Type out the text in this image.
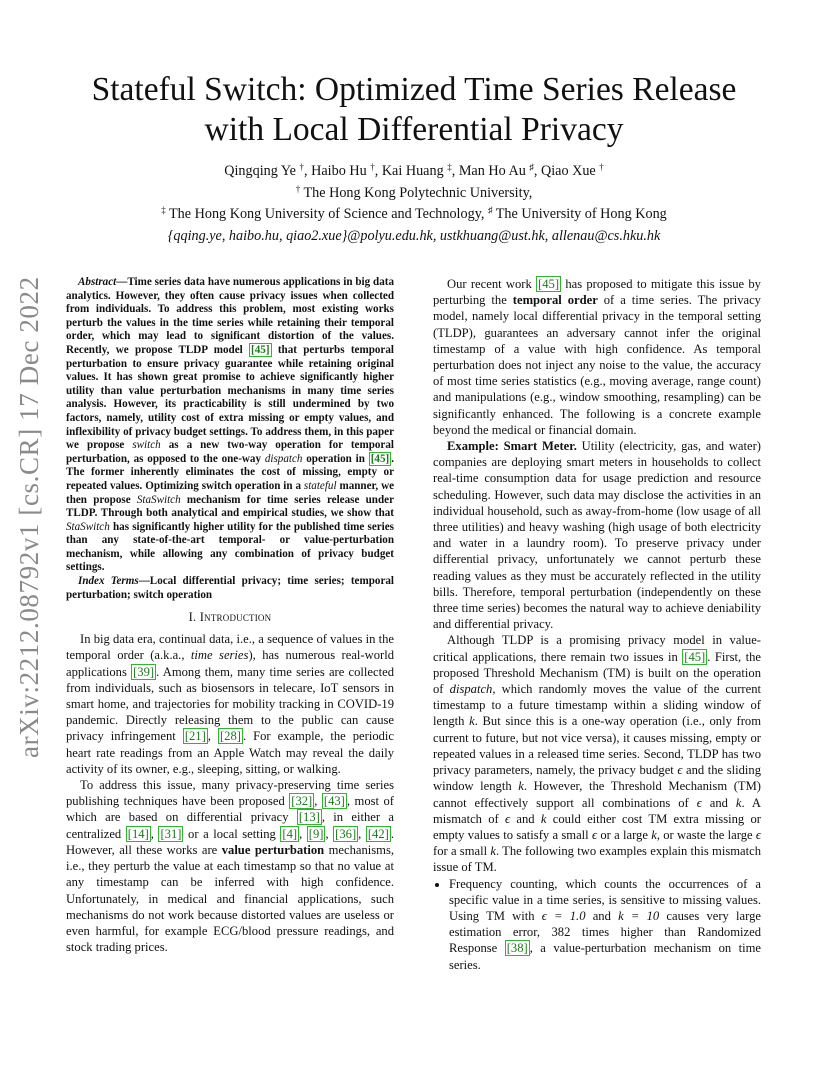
arXiv:2212.08792v1 [cs.CR] 17 Dec 2022
Stateful Switch: Optimized Time Series Release
with Local Differential Privacy
Qingqing Ye †, Haibo Hu †, Kai Huang ‡, Man Ho Au ♯, Qiao Xue †
† The Hong Kong Polytechnic University,
‡ The Hong Kong University of Science and Technology, ♯ The University of Hong Kong
{qqing.ye, haibo.hu, qiao2.xue}@polyu.edu.hk, ustkhuang@ust.hk, allenau@cs.hku.hk

Abstract—Time series data have numerous applications in big data analytics. However, they often cause privacy issues when collected from individuals. To address this problem, most existing works perturb the values in the time series while retaining their temporal order, which may lead to significant distortion of the values. Recently, we propose TLDP model [45] that perturbs temporal perturbation to ensure privacy guarantee while retaining original values. It has shown great promise to achieve significantly higher utility than value perturbation mechanisms in many time series analysis. However, its practicability is still undermined by two factors, namely, utility cost of extra missing or empty values, and inflexibility of privacy budget settings. To address them, in this paper we propose switch as a new two-way operation for temporal perturbation, as opposed to the one-way dispatch operation in [45] . The former inherently eliminates the cost of missing, empty or repeated values. Optimizing switch operation in a stateful manner, we then propose StaSwitch mechanism for time series release under TLDP. Through both analytical and empirical studies, we show that StaSwitch has significantly higher utility for the published time series than any state-of-the-art temporal- or value-perturbation mechanism, while allowing any combination of privacy budget settings.

Index Terms—Local differential privacy; time series; temporal perturbation; switch operation

I. Introduction

In big data era, continual data, i.e., a sequence of values in the temporal order (a.k.a., time series), has numerous real-world applications [39] . Among them, many time series are collected from individuals, such as biosensors in telecare, IoT sensors in smart home, and trajectories for mobility tracking in COVID-19 pandemic. Directly releasing them to the public can cause privacy infringement [21] , [28] . For example, the periodic heart rate readings from an Apple Watch may reveal the daily activity of its owner, e.g., sleeping, sitting, or walking.

To address this issue, many privacy-preserving time series publishing techniques have been proposed [32] , [43] , most of which are based on differential privacy [13] , in either a centralized [14] , [31] or a local setting [4] , [9] , [36] , [42] . However, all these works are value perturbation mechanisms, i.e., they perturb the value at each timestamp so that no value at any timestamp can be inferred with high confidence. Unfortunately, in medical and financial applications, such mechanisms do not work because distorted values are useless or even harmful, for example ECG/blood pressure readings, and stock trading prices.

Our recent work [45] has proposed to mitigate this issue by perturbing the temporal order of a time series. The privacy model, namely local differential privacy in the temporal setting (TLDP), guarantees an adversary cannot infer the original timestamp of a value with high confidence. As temporal perturbation does not inject any noise to the value, the accuracy of most time series statistics (e.g., moving average, range count) and manipulations (e.g., window smoothing, resampling) can be significantly enhanced. The following is a concrete example beyond the medical or financial domain.

Example: Smart Meter. Utility (electricity, gas, and water) companies are deploying smart meters in households to collect real-time consumption data for usage prediction and resource scheduling. However, such data may disclose the activities in an individual household, such as away-from-home (low usage of all three utilities) and heavy washing (high usage of both electricity and water in a laundry room). To preserve privacy under differential privacy, unfortunately we cannot perturb these reading values as they must be accurately reflected in the utility bills. Therefore, temporal perturbation (independently on these three time series) becomes the natural way to achieve deniability and differential privacy.

Although TLDP is a promising privacy model in value-critical applications, there remain two issues in [45] . First, the proposed Threshold Mechanism (TM) is built on the operation of dispatch, which randomly moves the value of the current timestamp to a future timestamp within a sliding window of length k. But since this is a one-way operation (i.e., only from current to future, but not vice versa), it causes missing, empty or repeated values in a released time series. Second, TLDP has two privacy parameters, namely, the privacy budget ϵ and the sliding window length k. However, the Threshold Mechanism (TM) cannot effectively support all combinations of ϵ and k. A mismatch of ϵ and k could either cost TM extra missing or empty values to satisfy a small ϵ or a large k, or waste the large ϵ for a small k. The following two examples explain this mismatch issue of TM.

• Frequency counting, which counts the occurrences of a specific value in a time series, is sensitive to missing values. Using TM with ϵ = 1.0 and k = 10 causes very large estimation error, 382 times higher than Randomized Response [38] , a value-perturbation mechanism on time series.
